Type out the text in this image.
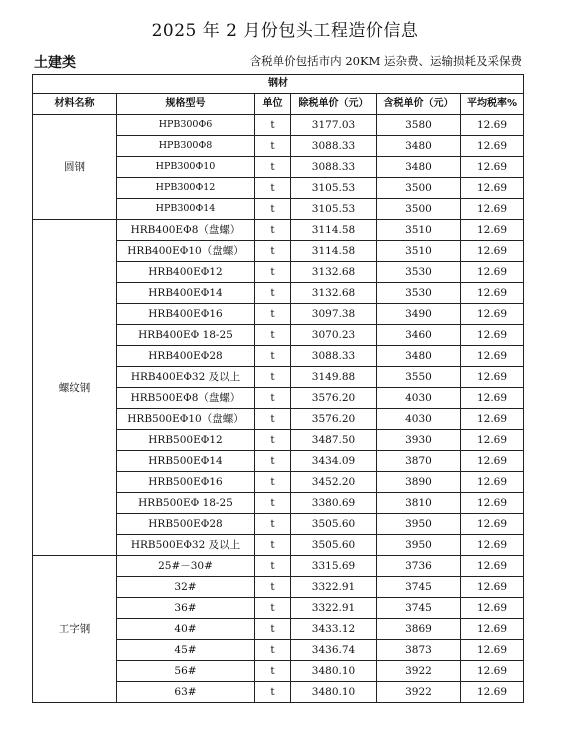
2025 年 2 月份包头工程造价信息
土建类	含税单价包括市内 20KM 运杂费、运输损耗及采保费
钢材					
材料名称	规格型号	单位	除税单价（元）	含税单价（元）	平均税率%
圆钢	HPB300Φ6	t	3177.03	3580	12.69
	HPB300Φ8	t	3088.33	3480	12.69
	HPB300Φ10	t	3088.33	3480	12.69
	HPB300Φ12	t	3105.53	3500	12.69
	HPB300Φ14	t	3105.53	3500	12.69
螺纹钢	HRB400EΦ8（盘螺）	t	3114.58	3510	12.69
	HRB400EΦ10（盘螺）	t	3114.58	3510	12.69
	HRB400EΦ12	t	3132.68	3530	12.69
	HRB400EΦ14	t	3132.68	3530	12.69
	HRB400EΦ16	t	3097.38	3490	12.69
	HRB400EΦ 18-25	t	3070.23	3460	12.69
	HRB400EΦ28	t	3088.33	3480	12.69
	HRB400EΦ32 及以上	t	3149.88	3550	12.69
	HRB500EΦ8（盘螺）	t	3576.20	4030	12.69
	HRB500EΦ10（盘螺）	t	3576.20	4030	12.69
	HRB500EΦ12	t	3487.50	3930	12.69
	HRB500EΦ14	t	3434.09	3870	12.69
	HRB500EΦ16	t	3452.20	3890	12.69
	HRB500EΦ 18-25	t	3380.69	3810	12.69
	HRB500EΦ28	t	3505.60	3950	12.69
	HRB500EΦ32 及以上	t	3505.60	3950	12.69
工字钢	25#－30#	t	3315.69	3736	12.69
	32#	t	3322.91	3745	12.69
	36#	t	3322.91	3745	12.69
	40#	t	3433.12	3869	12.69
	45#	t	3436.74	3873	12.69
	56#	t	3480.10	3922	12.69
	63#	t	3480.10	3922	12.69
